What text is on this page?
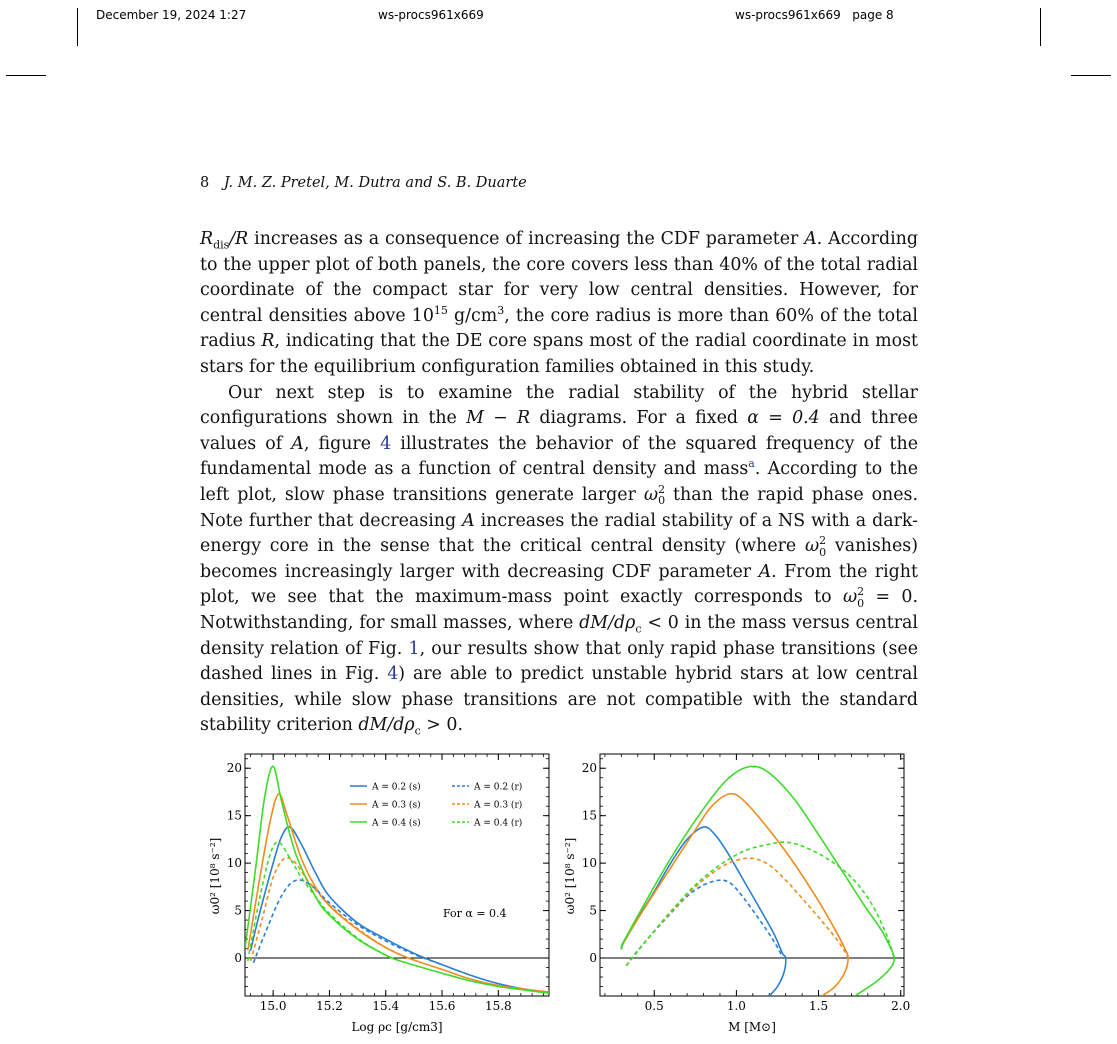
December 19, 2024 1:27	ws-procs961x669	ws-procs961x669   page 8
8 J. M. Z. Pretel, M. Dutra and S. B. Duarte

$R_{dis}/R$ increases as a consequence of increasing the CDF parameter A. According to the upper plot of both panels, the core covers less than 40% of the total radial coordinate of the compact star for very low central densities. However, for central densities above $10^{15}$ $g/cm^3$, the core radius is more than 60% of the total radius R, indicating that the DE core spans most of the radial coordinate in most stars for the equilibrium configuration families obtained in this study.

Our next step is to examine the radial stability of the hybrid stellar configurations shown in the M − R diagrams. For a fixed α = 0.4 and three values of A, figure 4 illustrates the behavior of the squared frequency of the fundamental mode as a function of central density and mass$^a$. According to the left plot, slow phase transitions generate larger $\omega^2_0$ than the rapid phase ones. Note further that decreasing A increases the radial stability of a NS with a dark-energy core in the sense that the critical central density (where $\omega^2_0$ vanishes) becomes increasingly larger with decreasing CDF parameter A. From the right plot, we see that the maximum-mass point exactly corresponds to $\omega^2_0 = 0$. Notwithstanding, for small masses, where $dM/d\rho_c < 0$ in the mass versus central density relation of Fig. 1, our results show that only rapid phase transitions (see dashed lines in Fig. 4) are able to predict unstable hybrid stars at low central densities, while slow phase transitions are not compatible with the standard stability criterion $dM/d\rho_c > 0$.

15.0 15.2 15.4 15.6 15.8
0
5
10
15
20
A = 0.2 (s)
A = 0.3 (s)
A = 0.4 (s)
A = 0.2 (r)
A = 0.3 (r)
A = 0.4 (r)
For α = 0.4
Log ρc [g/cm3]
ω0² [10⁸ s⁻²]
0.5	1.0	1.5	2.0
0
5
10
15
20
M [M⊙]
ω0² [10⁸ s⁻²]
